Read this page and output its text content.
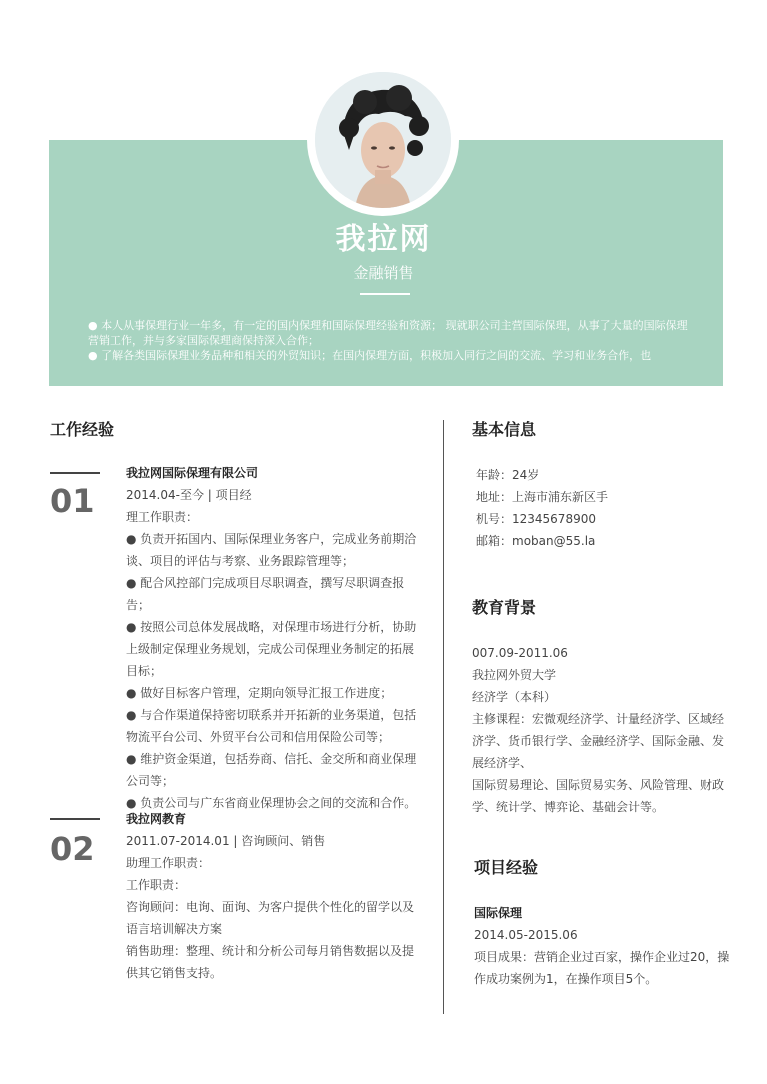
我拉网
金融销售

● 本人从事保理行业一年多，有一定的国内保理和国际保理经验和资源； 现就职公司主营国际保理，从事了大量的国际保理营销工作，并与多家国际保理商保持深入合作；

● 了解各类国际保理业务品种和相关的外贸知识；在国内保理方面，积极加入同行之间的交流、学习和业务合作，也

工作经验
01

我拉网国际保理有限公司

2014.04-至今 | 项目经

理工作职责：

● 负责开拓国内、国际保理业务客户，完成业务前期洽谈、项目的评估与考察、业务跟踪管理等；

● 配合风控部门完成项目尽职调查，撰写尽职调查报告；

● 按照公司总体发展战略，对保理市场进行分析，协助上级制定保理业务规划，完成公司保理业务制定的拓展目标；

● 做好目标客户管理，定期向领导汇报工作进度；

● 与合作渠道保持密切联系并开拓新的业务渠道，包括物流平台公司、外贸平台公司和信用保险公司等；

● 维护资金渠道，包括券商、信托、金交所和商业保理公司等；

● 负责公司与广东省商业保理协会之间的交流和合作。

02

我拉网教育

2011.07-2014.01 | 咨询顾问、销售

助理工作职责：

工作职责：

咨询顾问：电询、面询、为客户提供个性化的留学以及语言培训解决方案

销售助理：整理、统计和分析公司每月销售数据以及提供其它销售支持。

基本信息

年龄：24岁

地址：上海市浦东新区手

机号：12345678900

邮箱：moban@55.la

教育背景

007.09-2011.06

我拉网外贸大学

经济学（本科）

主修课程：宏微观经济学、计量经济学、区域经济学、货币银行学、金融经济学、国际金融、发展经济学、

国际贸易理论、国际贸易实务、风险管理、财政学、统计学、博弈论、基础会计等。

项目经验

国际保理

2014.05-2015.06

项目成果：营销企业过百家，操作企业过20，操作成功案例为1，在操作项目5个。
